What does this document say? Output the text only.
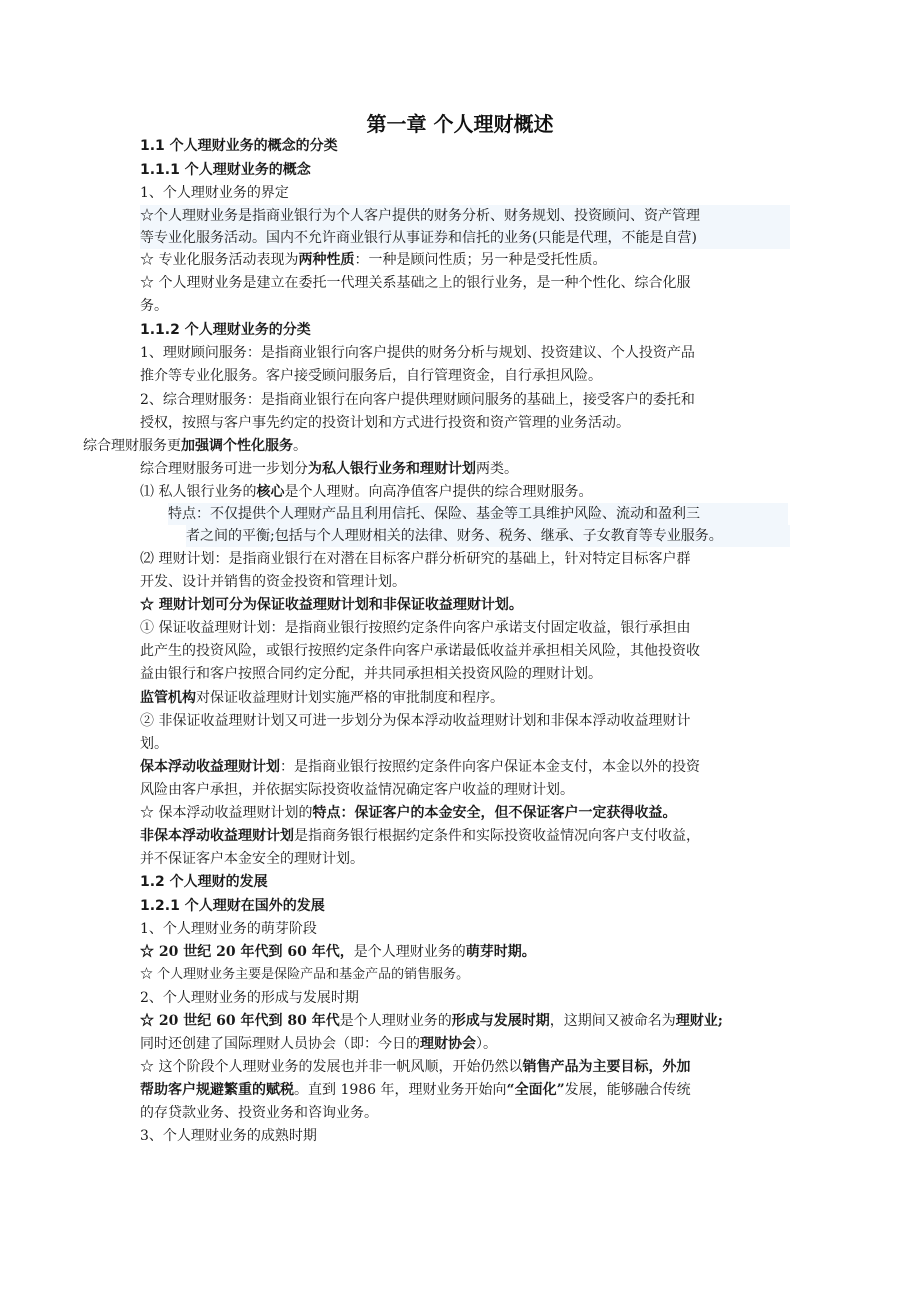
第一章 个人理财概述
1.1 个人理财业务的概念的分类
1.1.1 个人理财业务的概念
1、个人理财业务的界定
☆个人理财业务是指商业银行为个人客户提供的财务分析、财务规划、投资顾问、资产管理
等专业化服务活动。国内不允许商业银行从事证券和信托的业务(只能是代理，不能是自营)
☆ 专业化服务活动表现为两种性质：一种是顾问性质；另一种是受托性质。
☆ 个人理财业务是建立在委托一代理关系基础之上的银行业务，是一种个性化、综合化服
务。
1.1.2 个人理财业务的分类
1、理财顾问服务：是指商业银行向客户提供的财务分析与规划、投资建议、个人投资产品
推介等专业化服务。客户接受顾问服务后，自行管理资金，自行承担风险。
2、综合理财服务：是指商业银行在向客户提供理财顾问服务的基础上，接受客户的委托和
授权，按照与客户事先约定的投资计划和方式进行投资和资产管理的业务活动。
综合理财服务更加强调个性化服务。
综合理财服务可进一步划分为私人银行业务和理财计划两类。
⑴ 私人银行业务的核心是个人理财。向高净值客户提供的综合理财服务。
特点：不仅提供个人理财产品且利用信托、保险、基金等工具维护风险、流动和盈利三
者之间的平衡;包括与个人理财相关的法律、财务、税务、继承、子女教育等专业服务。
⑵ 理财计划：是指商业银行在对潜在目标客户群分析研究的基础上，针对特定目标客户群
开发、设计并销售的资金投资和管理计划。
☆ 理财计划可分为保证收益理财计划和非保证收益理财计划。
① 保证收益理财计划：是指商业银行按照约定条件向客户承诺支付固定收益，银行承担由
此产生的投资风险，或银行按照约定条件向客户承诺最低收益并承担相关风险，其他投资收
益由银行和客户按照合同约定分配，并共同承担相关投资风险的理财计划。
监管机构对保证收益理财计划实施严格的审批制度和程序。
② 非保证收益理财计划又可进一步划分为保本浮动收益理财计划和非保本浮动收益理财计
划。
保本浮动收益理财计划：是指商业银行按照约定条件向客户保证本金支付，本金以外的投资
风险由客户承担，并依据实际投资收益情况确定客户收益的理财计划。
☆ 保本浮动收益理财计划的特点：保证客户的本金安全，但不保证客户一定获得收益。
非保本浮动收益理财计划是指商务银行根据约定条件和实际投资收益情况向客户支付收益，
并不保证客户本金安全的理财计划。
1.2 个人理财的发展
1.2.1 个人理财在国外的发展
1、个人理财业务的萌芽阶段
☆ 20 世纪 20 年代到 60 年代，是个人理财业务的萌芽时期。
☆ 个人理财业务主要是保险产品和基金产品的销售服务。
2、个人理财业务的形成与发展时期
☆ 20 世纪 60 年代到 80 年代是个人理财业务的形成与发展时期，这期间又被命名为理财业;
同时还创建了国际理财人员协会（即：今日的理财协会）。
☆ 这个阶段个人理财业务的发展也并非一帆风顺，开始仍然以销售产品为主要目标，外加
帮助客户规避繁重的赋税。直到 1986 年，理财业务开始向“全面化”发展，能够融合传统
的存贷款业务、投资业务和咨询业务。
3、个人理财业务的成熟时期
